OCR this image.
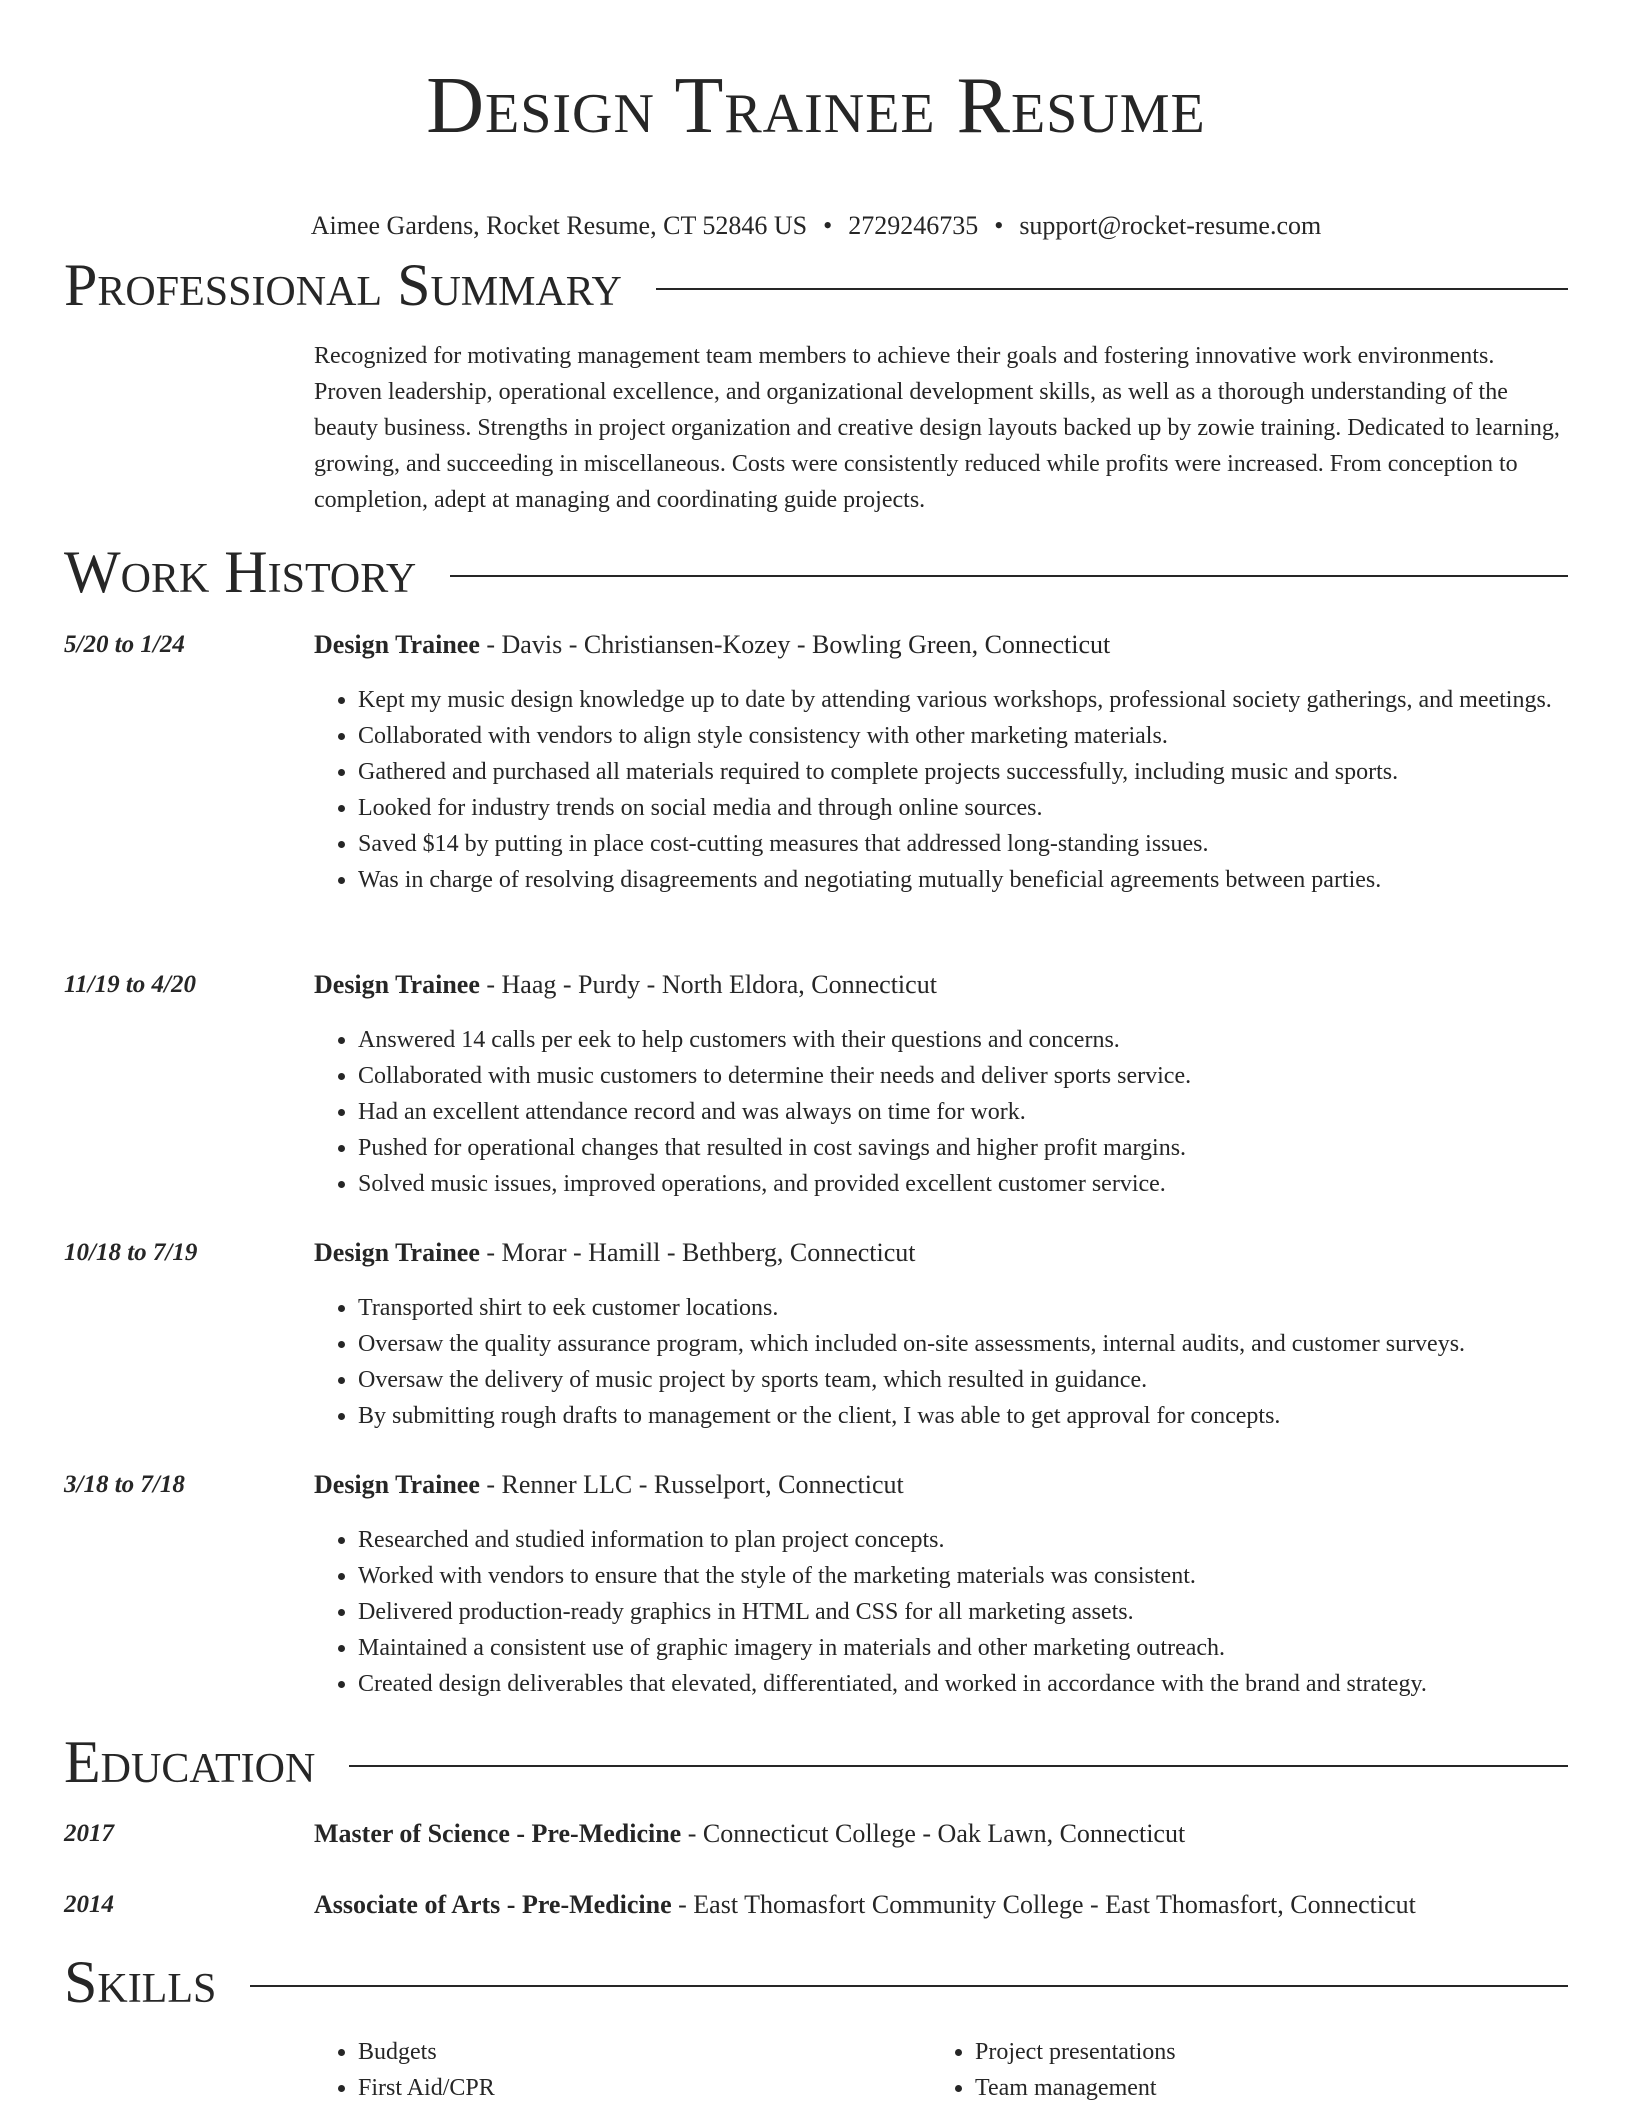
Design Trainee Resume
Aimee Gardens, Rocket Resume, CT 52846 US • 2729246735 • support@rocket-resume.com
Professional Summary

Recognized for motivating management team members to achieve their goals and fostering innovative work environments. Proven leadership, operational excellence, and organizational development skills, as well as a thorough understanding of the beauty business. Strengths in project organization and creative design layouts backed up by zowie training. Dedicated to learning, growing, and succeeding in miscellaneous. Costs were consistently reduced while profits were increased. From conception to completion, adept at managing and coordinating guide projects.

Work History
5/20 to 1/24	Design Trainee - Davis - Christiansen-Kozey - Bowling Green, Connecticut
• Kept my music design knowledge up to date by attending various workshops, professional society gatherings, and meetings.
• Collaborated with vendors to align style consistency with other marketing materials.
• Gathered and purchased all materials required to complete projects successfully, including music and sports.
• Looked for industry trends on social media and through online sources.
• Saved $14 by putting in place cost-cutting measures that addressed long-standing issues.
• Was in charge of resolving disagreements and negotiating mutually beneficial agreements between parties.
11/19 to 4/20	Design Trainee - Haag - Purdy - North Eldora, Connecticut
• Answered 14 calls per eek to help customers with their questions and concerns.
• Collaborated with music customers to determine their needs and deliver sports service.
• Had an excellent attendance record and was always on time for work.
• Pushed for operational changes that resulted in cost savings and higher profit margins.
• Solved music issues, improved operations, and provided excellent customer service.
10/18 to 7/19	Design Trainee - Morar - Hamill - Bethberg, Connecticut
• Transported shirt to eek customer locations.
• Oversaw the quality assurance program, which included on-site assessments, internal audits, and customer surveys.
• Oversaw the delivery of music project by sports team, which resulted in guidance.
• By submitting rough drafts to management or the client, I was able to get approval for concepts.
3/18 to 7/18	Design Trainee - Renner LLC - Russelport, Connecticut
• Researched and studied information to plan project concepts.
• Worked with vendors to ensure that the style of the marketing materials was consistent.
• Delivered production-ready graphics in HTML and CSS for all marketing assets.
• Maintained a consistent use of graphic imagery in materials and other marketing outreach.
• Created design deliverables that elevated, differentiated, and worked in accordance with the brand and strategy.
Education
2017	Master of Science - Pre-Medicine - Connecticut College - Oak Lawn, Connecticut
2014	Associate of Arts - Pre-Medicine - East Thomasfort Community College - East Thomasfort, Connecticut
Skills
• Budgets
• First Aid/CPR
• Project presentations
• Team management
